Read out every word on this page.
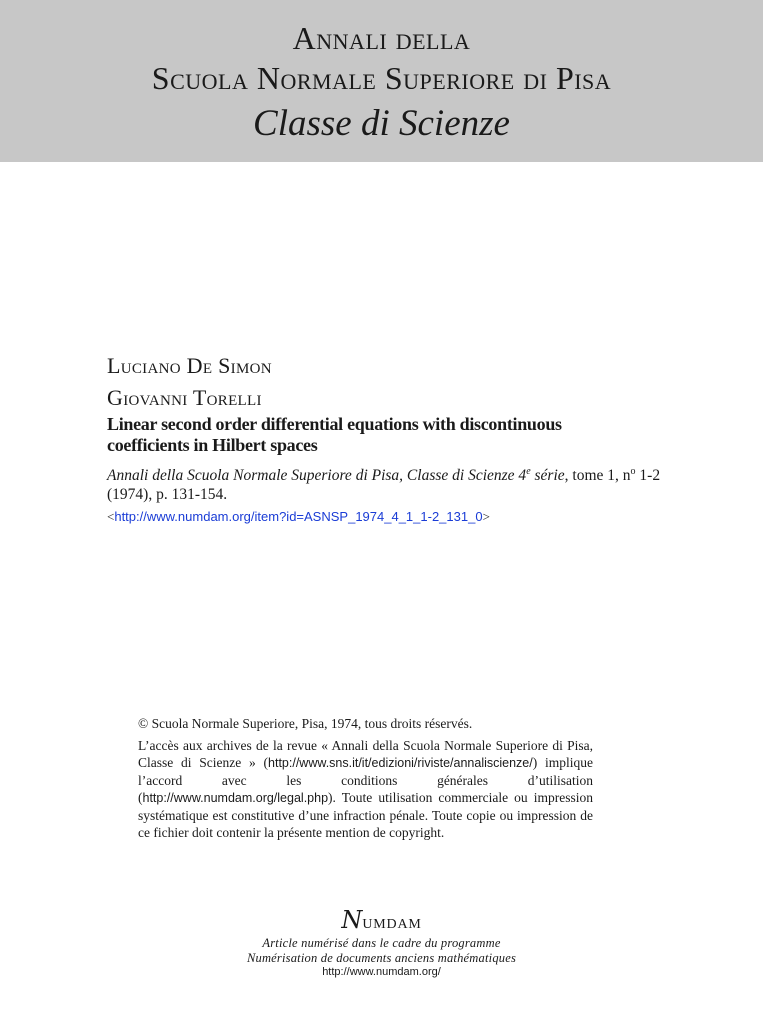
Annali della
Scuola Normale Superiore di Pisa
Classe di Scienze
Luciano De Simon
Giovanni Torelli
Linear second order differential equations with discontinuous coefficients in Hilbert spaces
Annali della Scuola Normale Superiore di Pisa, Classe di Scienze 4e série, tome 1, $n^o$ 1-2 (1974), p. 131-154.
<http://www.numdam.org/item?id=ASNSP_1974_4_1_1-2_131_0>
© Scuola Normale Superiore, Pisa, 1974, tous droits réservés.
L’accès aux archives de la revue « Annali della Scuola Normale Superiore di Pisa, Classe di Scienze » (http://www.sns.it/it/edizioni/riviste/annaliscienze/) implique l’accord avec les conditions générales d’utilisation (http://www.numdam.org/legal.php). Toute utilisation commerciale ou impression systématique est constitutive d’une infraction pénale. Toute copie ou impression de ce fichier doit contenir la présente mention de copyright.
Numdam
Article numérisé dans le cadre du programme
Numérisation de documents anciens mathématiques
http://www.numdam.org/
